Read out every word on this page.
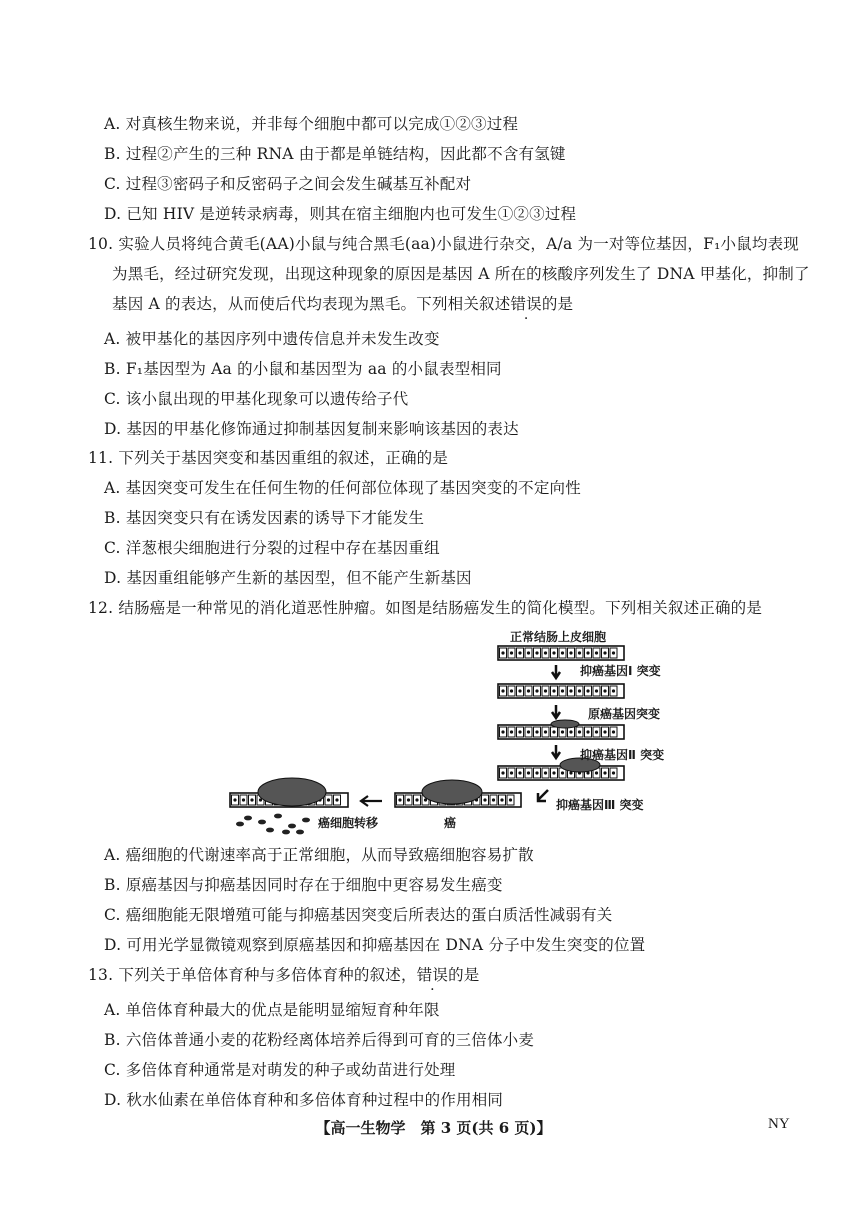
A. 对真核生物来说，并非每个细胞中都可以完成①②③过程
B. 过程②产生的三种 RNA 由于都是单链结构，因此都不含有氢键
C. 过程③密码子和反密码子之间会发生碱基互补配对
D. 已知 HIV 是逆转录病毒，则其在宿主细胞内也可发生①②③过程
10. 实验人员将纯合黄毛(AA)小鼠与纯合黑毛(aa)小鼠进行杂交，A/a 为一对等位基因，F₁小鼠均表现
为黑毛，经过研究发现，出现这种现象的原因是基因 A 所在的核酸序列发生了 DNA 甲基化，抑制了
基因 A 的表达，从而使后代均表现为黑毛。下列相关叙述错误的是
A. 被甲基化的基因序列中遗传信息并未发生改变
B. F₁基因型为 Aa 的小鼠和基因型为 aa 的小鼠表型相同
C. 该小鼠出现的甲基化现象可以遗传给子代
D. 基因的甲基化修饰通过抑制基因复制来影响该基因的表达
11. 下列关于基因突变和基因重组的叙述，正确的是
A. 基因突变可发生在任何生物的任何部位体现了基因突变的不定向性
B. 基因突变只有在诱发因素的诱导下才能发生
C. 洋葱根尖细胞进行分裂的过程中存在基因重组
D. 基因重组能够产生新的基因型，但不能产生新基因
12. 结肠癌是一种常见的消化道恶性肿瘤。如图是结肠癌发生的简化模型。下列相关叙述正确的是
正常结肠上皮细胞
抑癌基因Ⅰ 突变
原癌基因突变
抑癌基因Ⅱ 突变
抑癌基因Ⅲ 突变
癌
癌细胞转移
A. 癌细胞的代谢速率高于正常细胞，从而导致癌细胞容易扩散
B. 原癌基因与抑癌基因同时存在于细胞中更容易发生癌变
C. 癌细胞能无限增殖可能与抑癌基因突变后所表达的蛋白质活性减弱有关
D. 可用光学显微镜观察到原癌基因和抑癌基因在 DNA 分子中发生突变的位置
13. 下列关于单倍体育种与多倍体育种的叙述，错误的是
A. 单倍体育种最大的优点是能明显缩短育种年限
B. 六倍体普通小麦的花粉经离体培养后得到可育的三倍体小麦
C. 多倍体育种通常是对萌发的种子或幼苗进行处理
D. 秋水仙素在单倍体育种和多倍体育种过程中的作用相同
【高一生物学　第 3 页(共 6 页)】	NY
